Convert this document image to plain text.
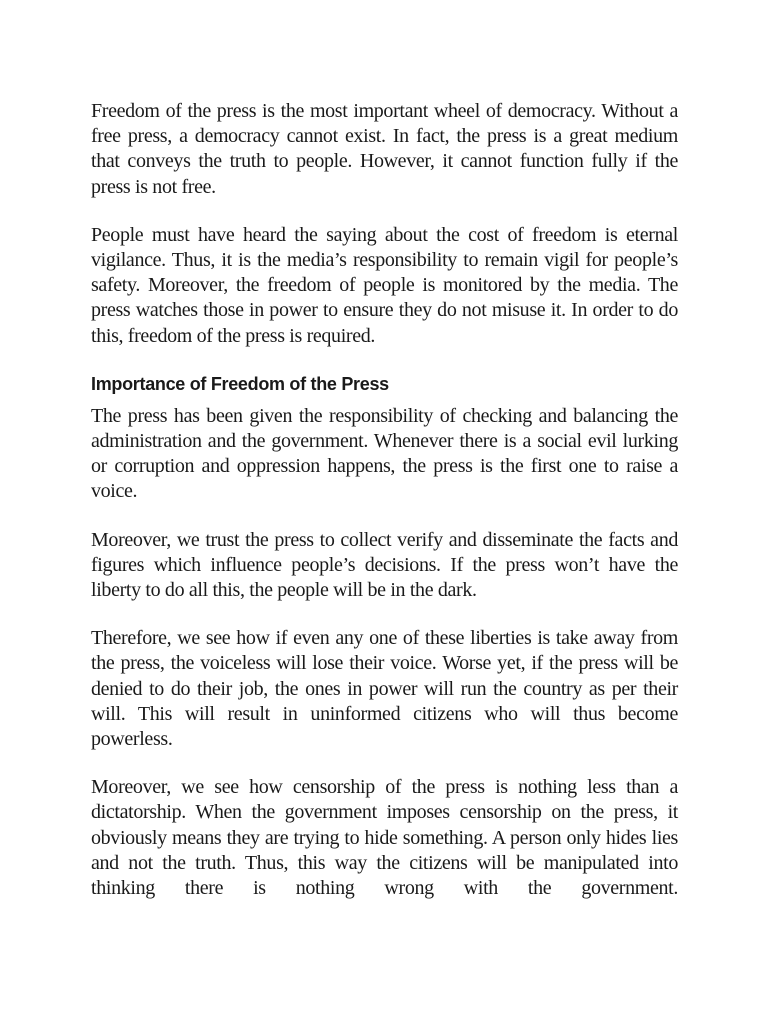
Freedom of the press is the most important wheel of democracy. Without a free press, a democracy cannot exist. In fact, the press is a great medium that conveys the truth to people. However, it cannot function fully if the press is not free.

People must have heard the saying about the cost of freedom is eternal vigilance. Thus, it is the media’s responsibility to remain vigil for people’s safety. Moreover, the freedom of people is monitored by the media. The press watches those in power to ensure they do not misuse it. In order to do this, freedom of the press is required.

Importance of Freedom of the Press

The press has been given the responsibility of checking and balancing the administration and the government. Whenever there is a social evil lurking or corruption and oppression happens, the press is the first one to raise a voice.

Moreover, we trust the press to collect verify and disseminate the facts and figures which influence people’s decisions. If the press won’t have the liberty to do all this, the people will be in the dark.

Therefore, we see how if even any one of these liberties is take away from the press, the voiceless will lose their voice. Worse yet, if the press will be denied to do their job, the ones in power will run the country as per their will. This will result in uninformed citizens who will thus become powerless.

Moreover, we see how censorship of the press is nothing less than a dictatorship. When the government imposes censorship on the press, it obviously means they are trying to hide something. A person only hides lies and not the truth. Thus, this way the citizens will be manipulated into thinking there is nothing wrong with the government.
